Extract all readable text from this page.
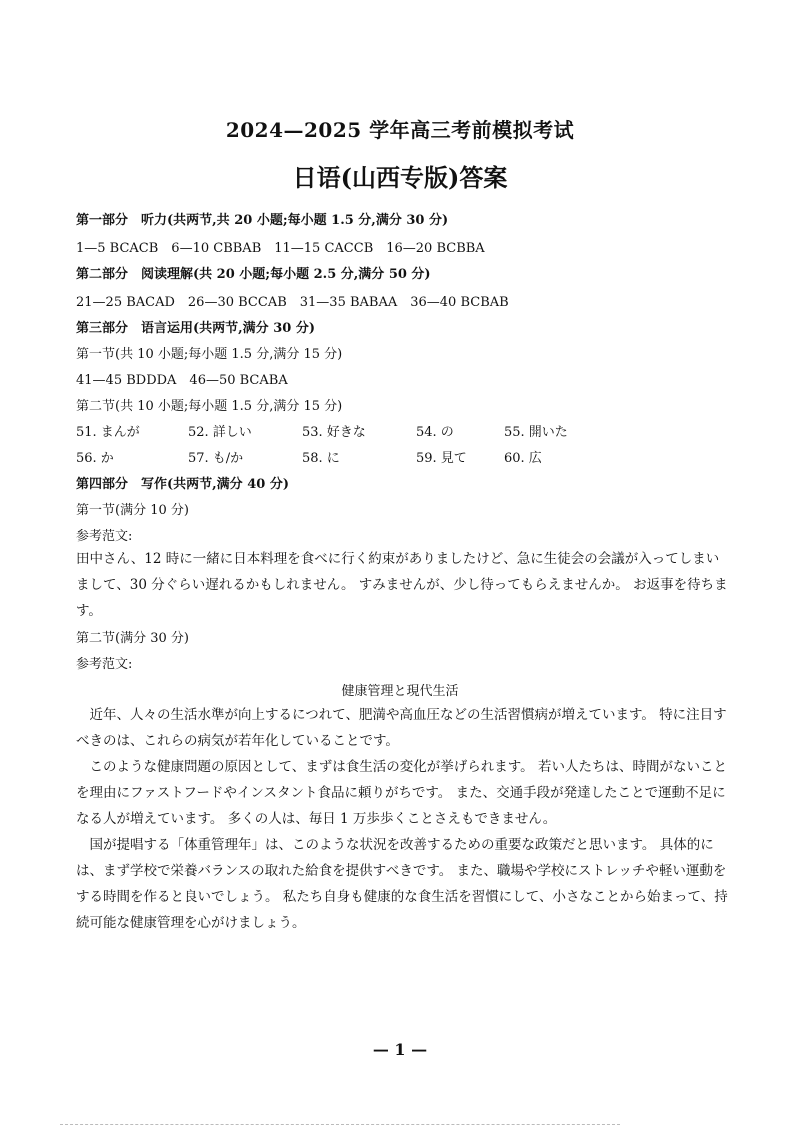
2024—2025 学年高三考前模拟考试
日语(山西专版)答案
第一部分　听力(共两节,共 20 小题;每小题 1.5 分,满分 30 分)
1—5 BCACB　6—10 CBBAB　11—15 CACCB　16—20 BCBBA
第二部分　阅读理解(共 20 小题;每小题 2.5 分,满分 50 分)
21—25 BACAD　26—30 BCCAB　31—35 BABAA　36—40 BCBAB
第三部分　语言运用(共两节,满分 30 分)
第一节(共 10 小题;每小题 1.5 分,满分 15 分)
41—45 BDDDA　46—50 BCABA
第二节(共 10 小题;每小题 1.5 分,满分 15 分)
51. まんが	52. 詳しい	53. 好きな	54. の	55. 開いた
56. か	57. も/か	58. に	59. 見て	60. 広
第四部分　写作(共两节,满分 40 分)
第一节(满分 10 分)
参考范文:
田中さん、12 時に一緒に日本料理を食べに行く約束がありましたけど、急に生徒会の会議が入ってしまいまして、30 分ぐらい遅れるかもしれません。 すみませんが、少し待ってもらえませんか。 お返事を待ちます。
第二节(满分 30 分)
参考范文:
健康管理と現代生活
近年、人々の生活水準が向上するにつれて、肥満や高血圧などの生活習慣病が増えています。 特に注目すべきのは、これらの病気が若年化していることです。
このような健康問題の原因として、まずは食生活の変化が挙げられます。 若い人たちは、時間がないことを理由にファストフードやインスタント食品に頼りがちです。 また、交通手段が発達したことで運動不足になる人が増えています。 多くの人は、毎日 1 万歩歩くことさえもできません。
国が提唱する「体重管理年」は、このような状況を改善するための重要な政策だと思います。 具体的には、まず学校で栄養バランスの取れた給食を提供すべきです。 また、職場や学校にストレッチや軽い運動をする時間を作ると良いでしょう。 私たち自身も健康的な食生活を習慣にして、小さなことから始まって、持続可能な健康管理を心がけましょう。
— 1 —
